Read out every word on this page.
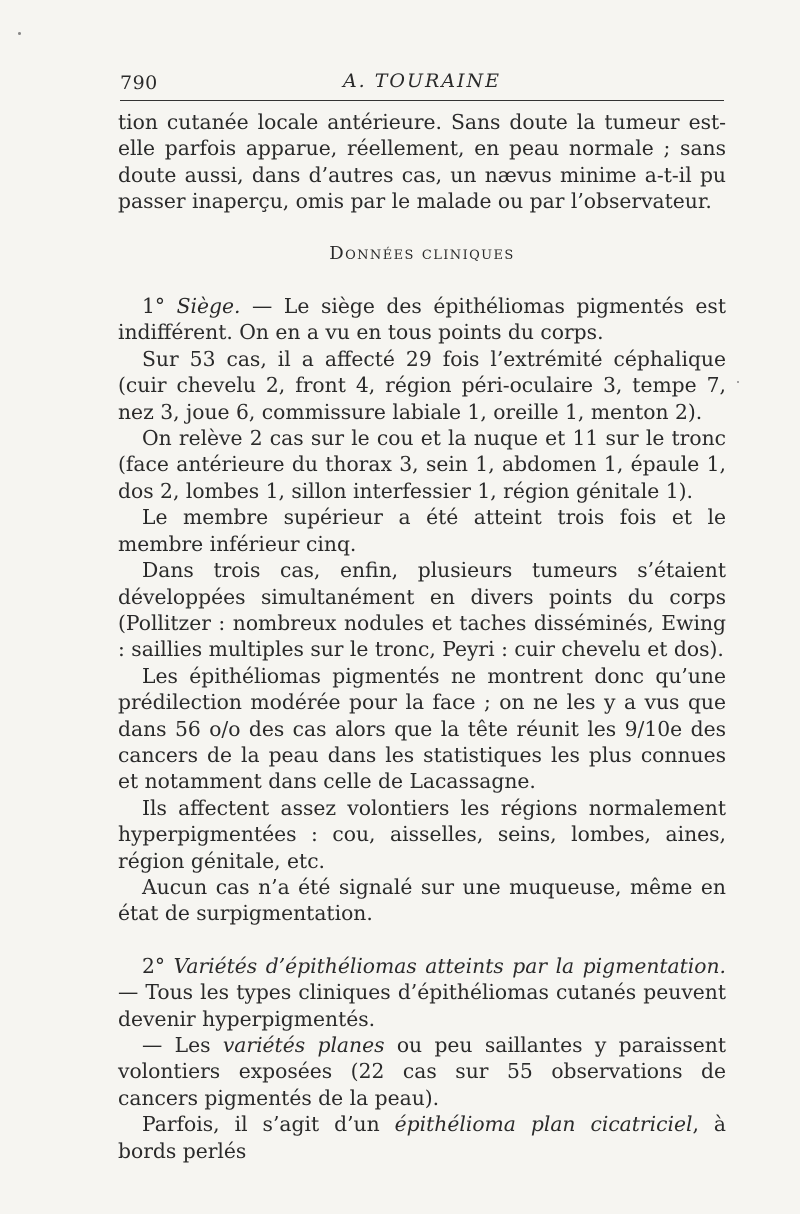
790	A. TOURAINE

tion cutanée locale antérieure. Sans doute la tumeur est-elle parfois apparue, réellement, en peau normale ; sans doute aussi, dans d’autres cas, un nævus minime a-t-il pu passer inaperçu, omis par le malade ou par l’observateur.

Données cliniques

1° Siège. — Le siège des épithéliomas pigmentés est indifférent. On en a vu en tous points du corps.

Sur 53 cas, il a affecté 29 fois l’extrémité céphalique (cuir chevelu 2, front 4, région péri-oculaire 3, tempe 7, nez 3, joue 6, commissure labiale 1, oreille 1, menton 2).

On relève 2 cas sur le cou et la nuque et 11 sur le tronc (face antérieure du thorax 3, sein 1, abdomen 1, épaule 1, dos 2, lombes 1, sillon interfessier 1, région génitale 1).

Le membre supérieur a été atteint trois fois et le membre inférieur cinq.

Dans trois cas, enfin, plusieurs tumeurs s’étaient développées simultanément en divers points du corps (Pollitzer : nombreux nodules et taches disséminés, Ewing : saillies multiples sur le tronc, Peyri : cuir chevelu et dos).

Les épithéliomas pigmentés ne montrent donc qu’une prédilection modérée pour la face ; on ne les y a vus que dans 56 o/o des cas alors que la tête réunit les 9/10e des cancers de la peau dans les statistiques les plus connues et notamment dans celle de Lacassagne.

Ils affectent assez volontiers les régions normalement hyperpigmentées : cou, aisselles, seins, lombes, aines, région génitale, etc.

Aucun cas n’a été signalé sur une muqueuse, même en état de surpigmentation.

2° Variétés d’épithéliomas atteints par la pigmentation. — Tous les types cliniques d’épithéliomas cutanés peuvent devenir hyperpigmentés.

— Les variétés planes ou peu saillantes y paraissent volontiers exposées (22 cas sur 55 observations de cancers pigmentés de la peau).

Parfois, il s’agit d’un épithélioma plan cicatriciel, à bords perlés
